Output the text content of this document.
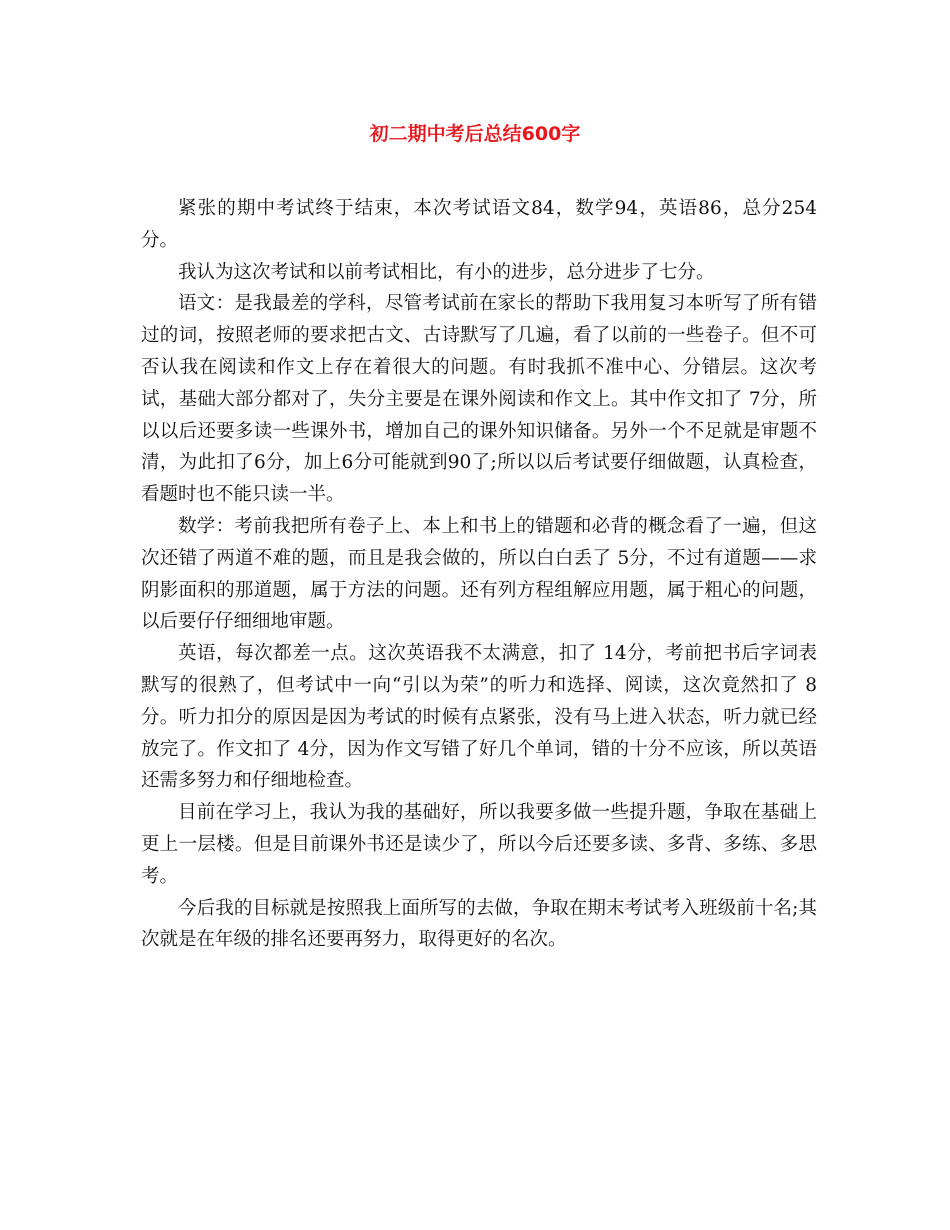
初二期中考后总结600字

紧张的期中考试终于结束，本次考试语文84，数学94，英语86，总分254分。

我认为这次考试和以前考试相比，有小的进步，总分进步了七分。

语文：是我最差的学科，尽管考试前在家长的帮助下我用复习本听写了所有错过的词，按照老师的要求把古文、古诗默写了几遍，看了以前的一些卷子。但不可否认我在阅读和作文上存在着很大的问题。有时我抓不准中心、分错层。这次考试，基础大部分都对了，失分主要是在课外阅读和作文上。其中作文扣了 7分，所以以后还要多读一些课外书，增加自己的课外知识储备。另外一个不足就是审题不清，为此扣了6分，加上6分可能就到90了;所以以后考试要仔细做题，认真检查，看题时也不能只读一半。

数学：考前我把所有卷子上、本上和书上的错题和必背的概念看了一遍，但这次还错了两道不难的题，而且是我会做的，所以白白丢了 5分，不过有道题——求阴影面积的那道题，属于方法的问题。还有列方程组解应用题，属于粗心的问题，以后要仔仔细细地审题。

英语，每次都差一点。这次英语我不太满意，扣了 14分，考前把书后字词表默写的很熟了，但考试中一向“引以为荣”的听力和选择、阅读，这次竟然扣了 8分。听力扣分的原因是因为考试的时候有点紧张，没有马上进入状态，听力就已经放完了。作文扣了 4分，因为作文写错了好几个单词，错的十分不应该，所以英语还需多努力和仔细地检查。

目前在学习上，我认为我的基础好，所以我要多做一些提升题，争取在基础上更上一层楼。但是目前课外书还是读少了，所以今后还要多读、多背、多练、多思考。

今后我的目标就是按照我上面所写的去做，争取在期末考试考入班级前十名;其次就是在年级的排名还要再努力，取得更好的名次。
